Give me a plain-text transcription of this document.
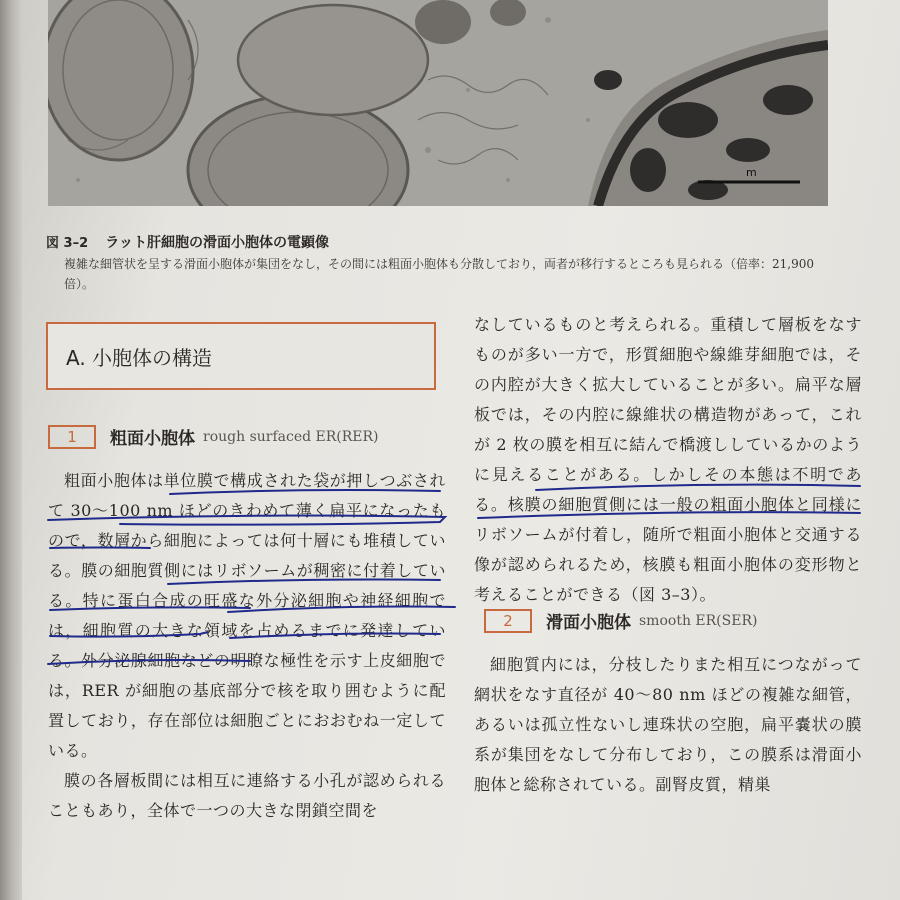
m
図 3–2 ラット肝細胞の滑面小胞体の電顕像

複雑な細管状を呈する滑面小胞体が集団をなし，その間には粗面小胞体も分散しており，両者が移行するところも見られる（倍率：21,900 倍）。

A. 小胞体の構造
1	粗面小胞体 rough surfaced ER(RER)

粗面小胞体は単位膜で構成された袋が押しつぶされて 30～100 nm ほどのきわめて薄く扁平になったもので，数層から細胞によっては何十層にも堆積している。膜の細胞質側にはリボソームが稠密に付着している。特に蛋白合成の旺盛な外分泌細胞や神経細胞では，細胞質の大きな領域を占めるまでに発達している。外分泌腺細胞などの明瞭な極性を示す上皮細胞では，RER が細胞の基底部分で核を取り囲むように配置しており，存在部位は細胞ごとにおおむね一定している。

膜の各層板間には相互に連絡する小孔が認められることもあり，全体で一つの大きな閉鎖空間を

なしているものと考えられる。重積して層板をなすものが多い一方で，形質細胞や線維芽細胞では，その内腔が大きく拡大していることが多い。扁平な層板では，その内腔に線維状の構造物があって，これが 2 枚の膜を相互に結んで橋渡ししているかのように見えることがある。しかしその本態は不明である。核膜の細胞質側には一般の粗面小胞体と同様にリボソームが付着し，随所で粗面小胞体と交通する像が認められるため，核膜も粗面小胞体の変形物と考えることができる（図 3–3）。

2	滑面小胞体 smooth ER(SER)

細胞質内には，分枝したりまた相互につながって網状をなす直径が 40～80 nm ほどの複雑な細管，あるいは孤立性ないし連珠状の空胞，扁平嚢状の膜系が集団をなして分布しており，この膜系は滑面小胞体と総称されている。副腎皮質，精巣
